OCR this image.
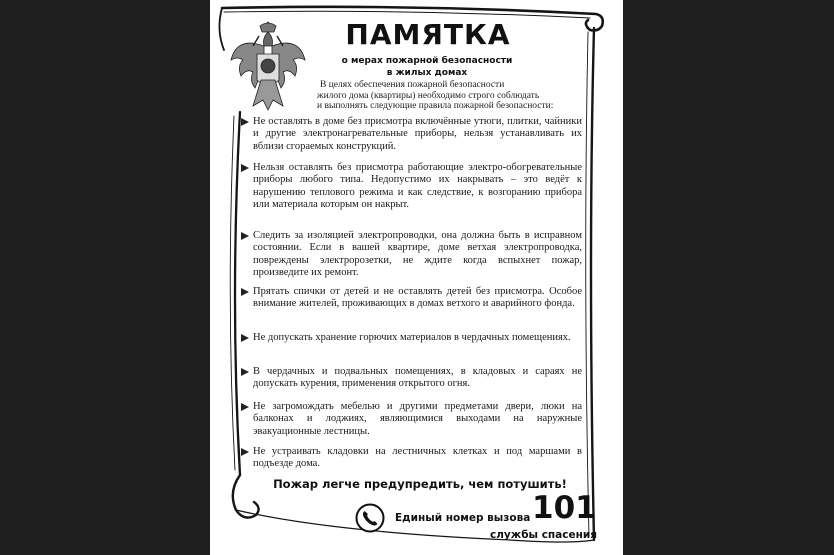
ПАМЯТКА
о мерах пожарной безопасности
в жилых домах
В целях обеспечения пожарной безопасности
жилого дома (квартиры) необходимо строго соблюдать
и выполнять следующие правила пожарной безопасности:
Не оставлять в доме без присмотра включённые утюги, плитки, чайники и другие электронагревательные приборы, нельзя устанавливать их вблизи сгораемых конструкций.
Нельзя оставлять без присмотра работающие электро-обогревательные приборы любого типа. Недопустимо их накрывать – это ведёт к нарушению теплового режима и как следствие, к возгоранию прибора или материала которым он накрыт.
Следить за изоляцией электропроводки, она должна быть в исправном состоянии. Если в вашей квартире, доме ветхая электропроводка, повреждены электророзетки, не ждите когда вспыхнет пожар, произведите их ремонт.
Прятать спички от детей и не оставлять детей без присмотра. Особое внимание жителей, проживающих в домах ветхого и аварийного фонда.
Не допускать хранение горючих материалов в чердачных помещениях.
В чердачных и подвальных помещениях, в кладовых и сараях не допускать курения, применения открытого огня.
Не загромождать мебелью и другими предметами двери, люки на балконах и лоджиях, являющимися выходами на наружные эвакуационные лестницы.
Не устраивать кладовки на лестничных клетках и под маршами в подъезде дома.
Пожар легче предупредить, чем потушить!
Единый номер вызова 101
службы спасения
